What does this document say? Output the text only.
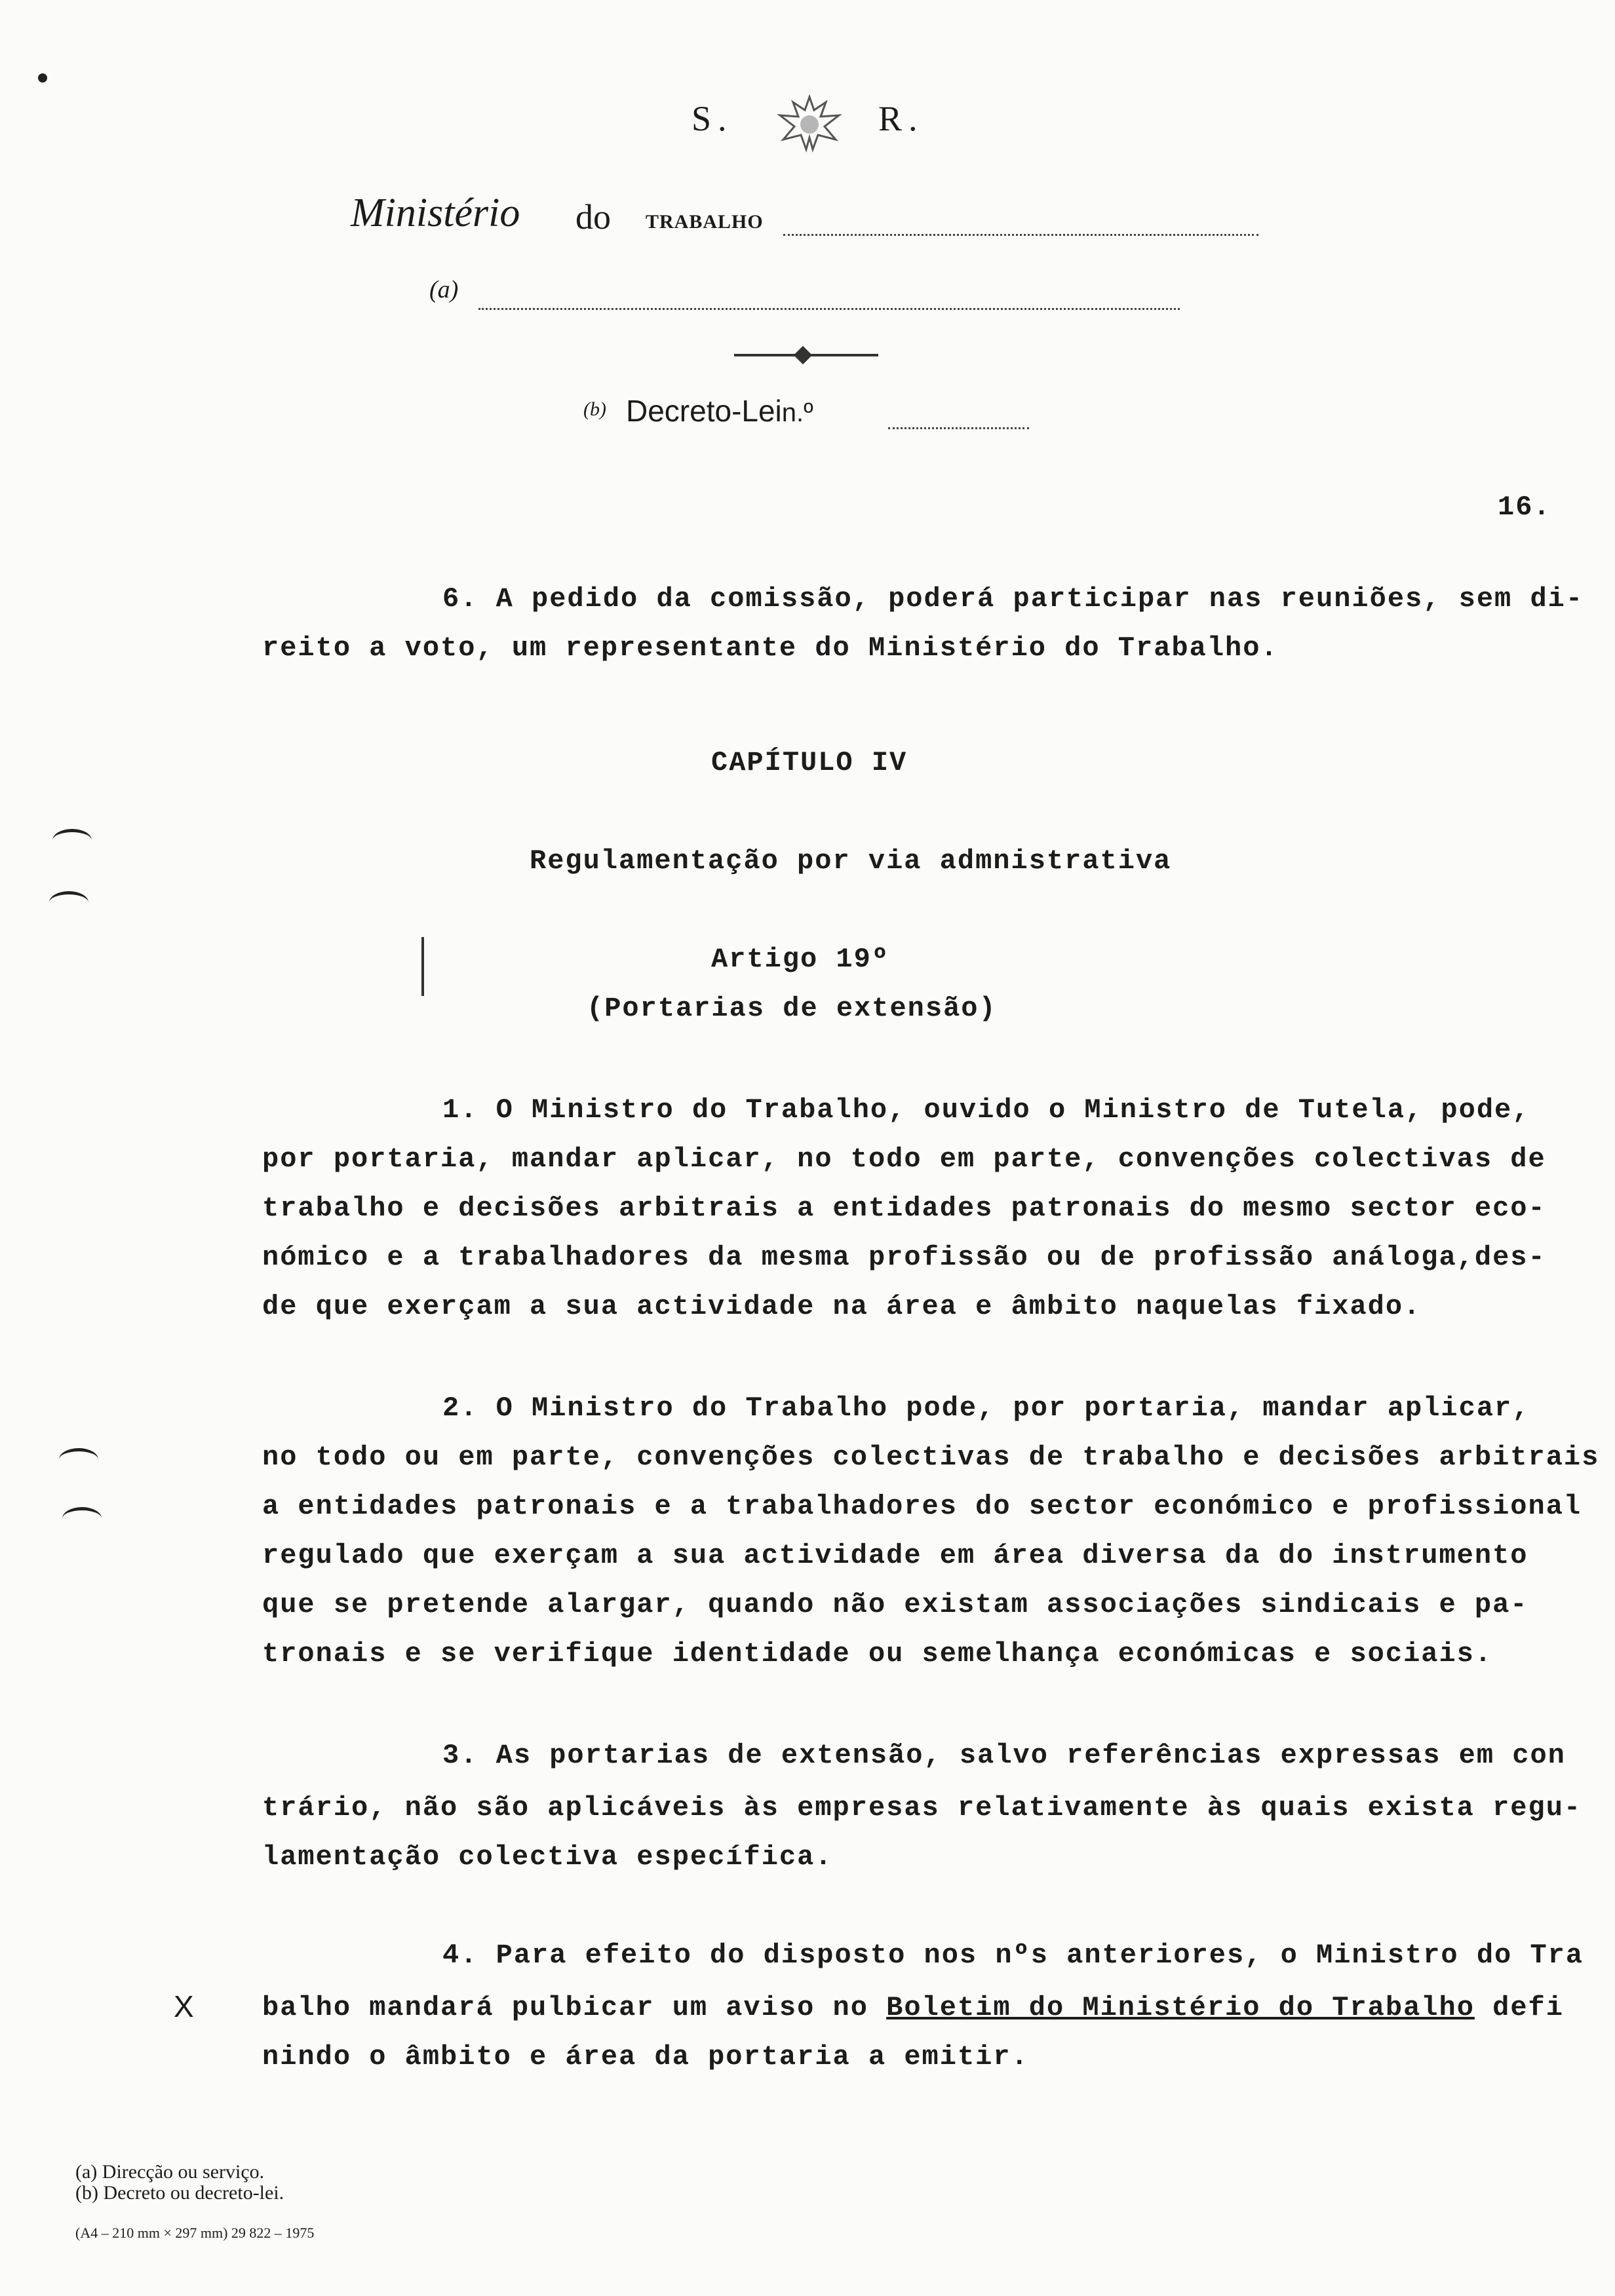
S.	R.
Ministério do TRABALHO
(a)
(b) Decreto-Lein.º
16.
6. A pedido da comissão, poderá participar nas reuniões, sem di-
reito a voto, um representante do Ministério do Trabalho.
CAPÍTULO IV
Regulamentação por via admnistrativa
Artigo 19º
(Portarias de extensão)
1. O Ministro do Trabalho, ouvido o Ministro de Tutela, pode,
por portaria, mandar aplicar, no todo em parte, convenções colectivas de
trabalho e decisões arbitrais a entidades patronais do mesmo sector eco-
nómico e a trabalhadores da mesma profissão ou de profissão análoga,des-
de que exerçam a sua actividade na área e âmbito naquelas fixado.
2. O Ministro do Trabalho pode, por portaria, mandar aplicar,
no todo ou em parte, convenções colectivas de trabalho e decisões arbitrais
a entidades patronais e a trabalhadores do sector económico e profissional
regulado que exerçam a sua actividade em área diversa da do instrumento
que se pretende alargar, quando não existam associações sindicais e pa-
tronais e se verifique identidade ou semelhança económicas e sociais.
3. As portarias de extensão, salvo referências expressas em con
trário, não são aplicáveis às empresas relativamente às quais exista regu-
lamentação colectiva específica.
4. Para efeito do disposto nos nºs anteriores, o Ministro do Tra
X balho mandará pulbicar um aviso no Boletim do Ministério do Trabalho defi
nindo o âmbito e área da portaria a emitir.
(a) Direcção ou serviço.
(b) Decreto ou decreto-lei.
(A4 – 210 mm × 297 mm) 29 822 – 1975
